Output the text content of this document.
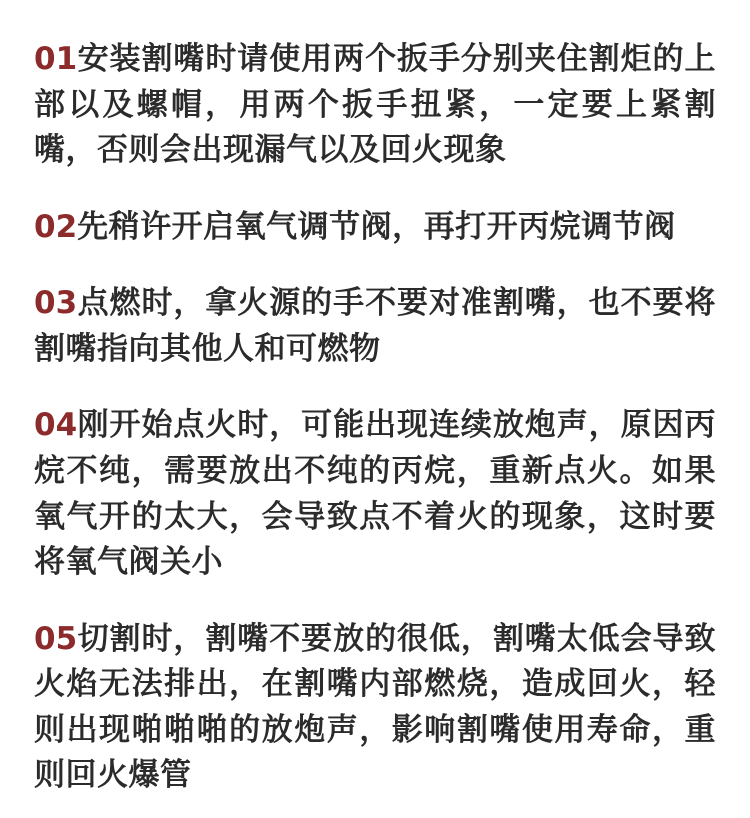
01安装割嘴时请使用两个扳手分别夹住割炬的上部以及螺帽，用两个扳手扭紧，一定要上紧割嘴，否则会出现漏气以及回火现象

02先稍许开启氧气调节阀，再打开丙烷调节阀

03点燃时，拿火源的手不要对准割嘴，也不要将割嘴指向其他人和可燃物

04刚开始点火时，可能出现连续放炮声，原因丙烷不纯，需要放出不纯的丙烷，重新点火。如果氧气开的太大，会导致点不着火的现象，这时要将氧气阀关小

05切割时，割嘴不要放的很低，割嘴太低会导致火焰无法排出，在割嘴内部燃烧，造成回火，轻则出现啪啪啪的放炮声，影响割嘴使用寿命，重则回火爆管
